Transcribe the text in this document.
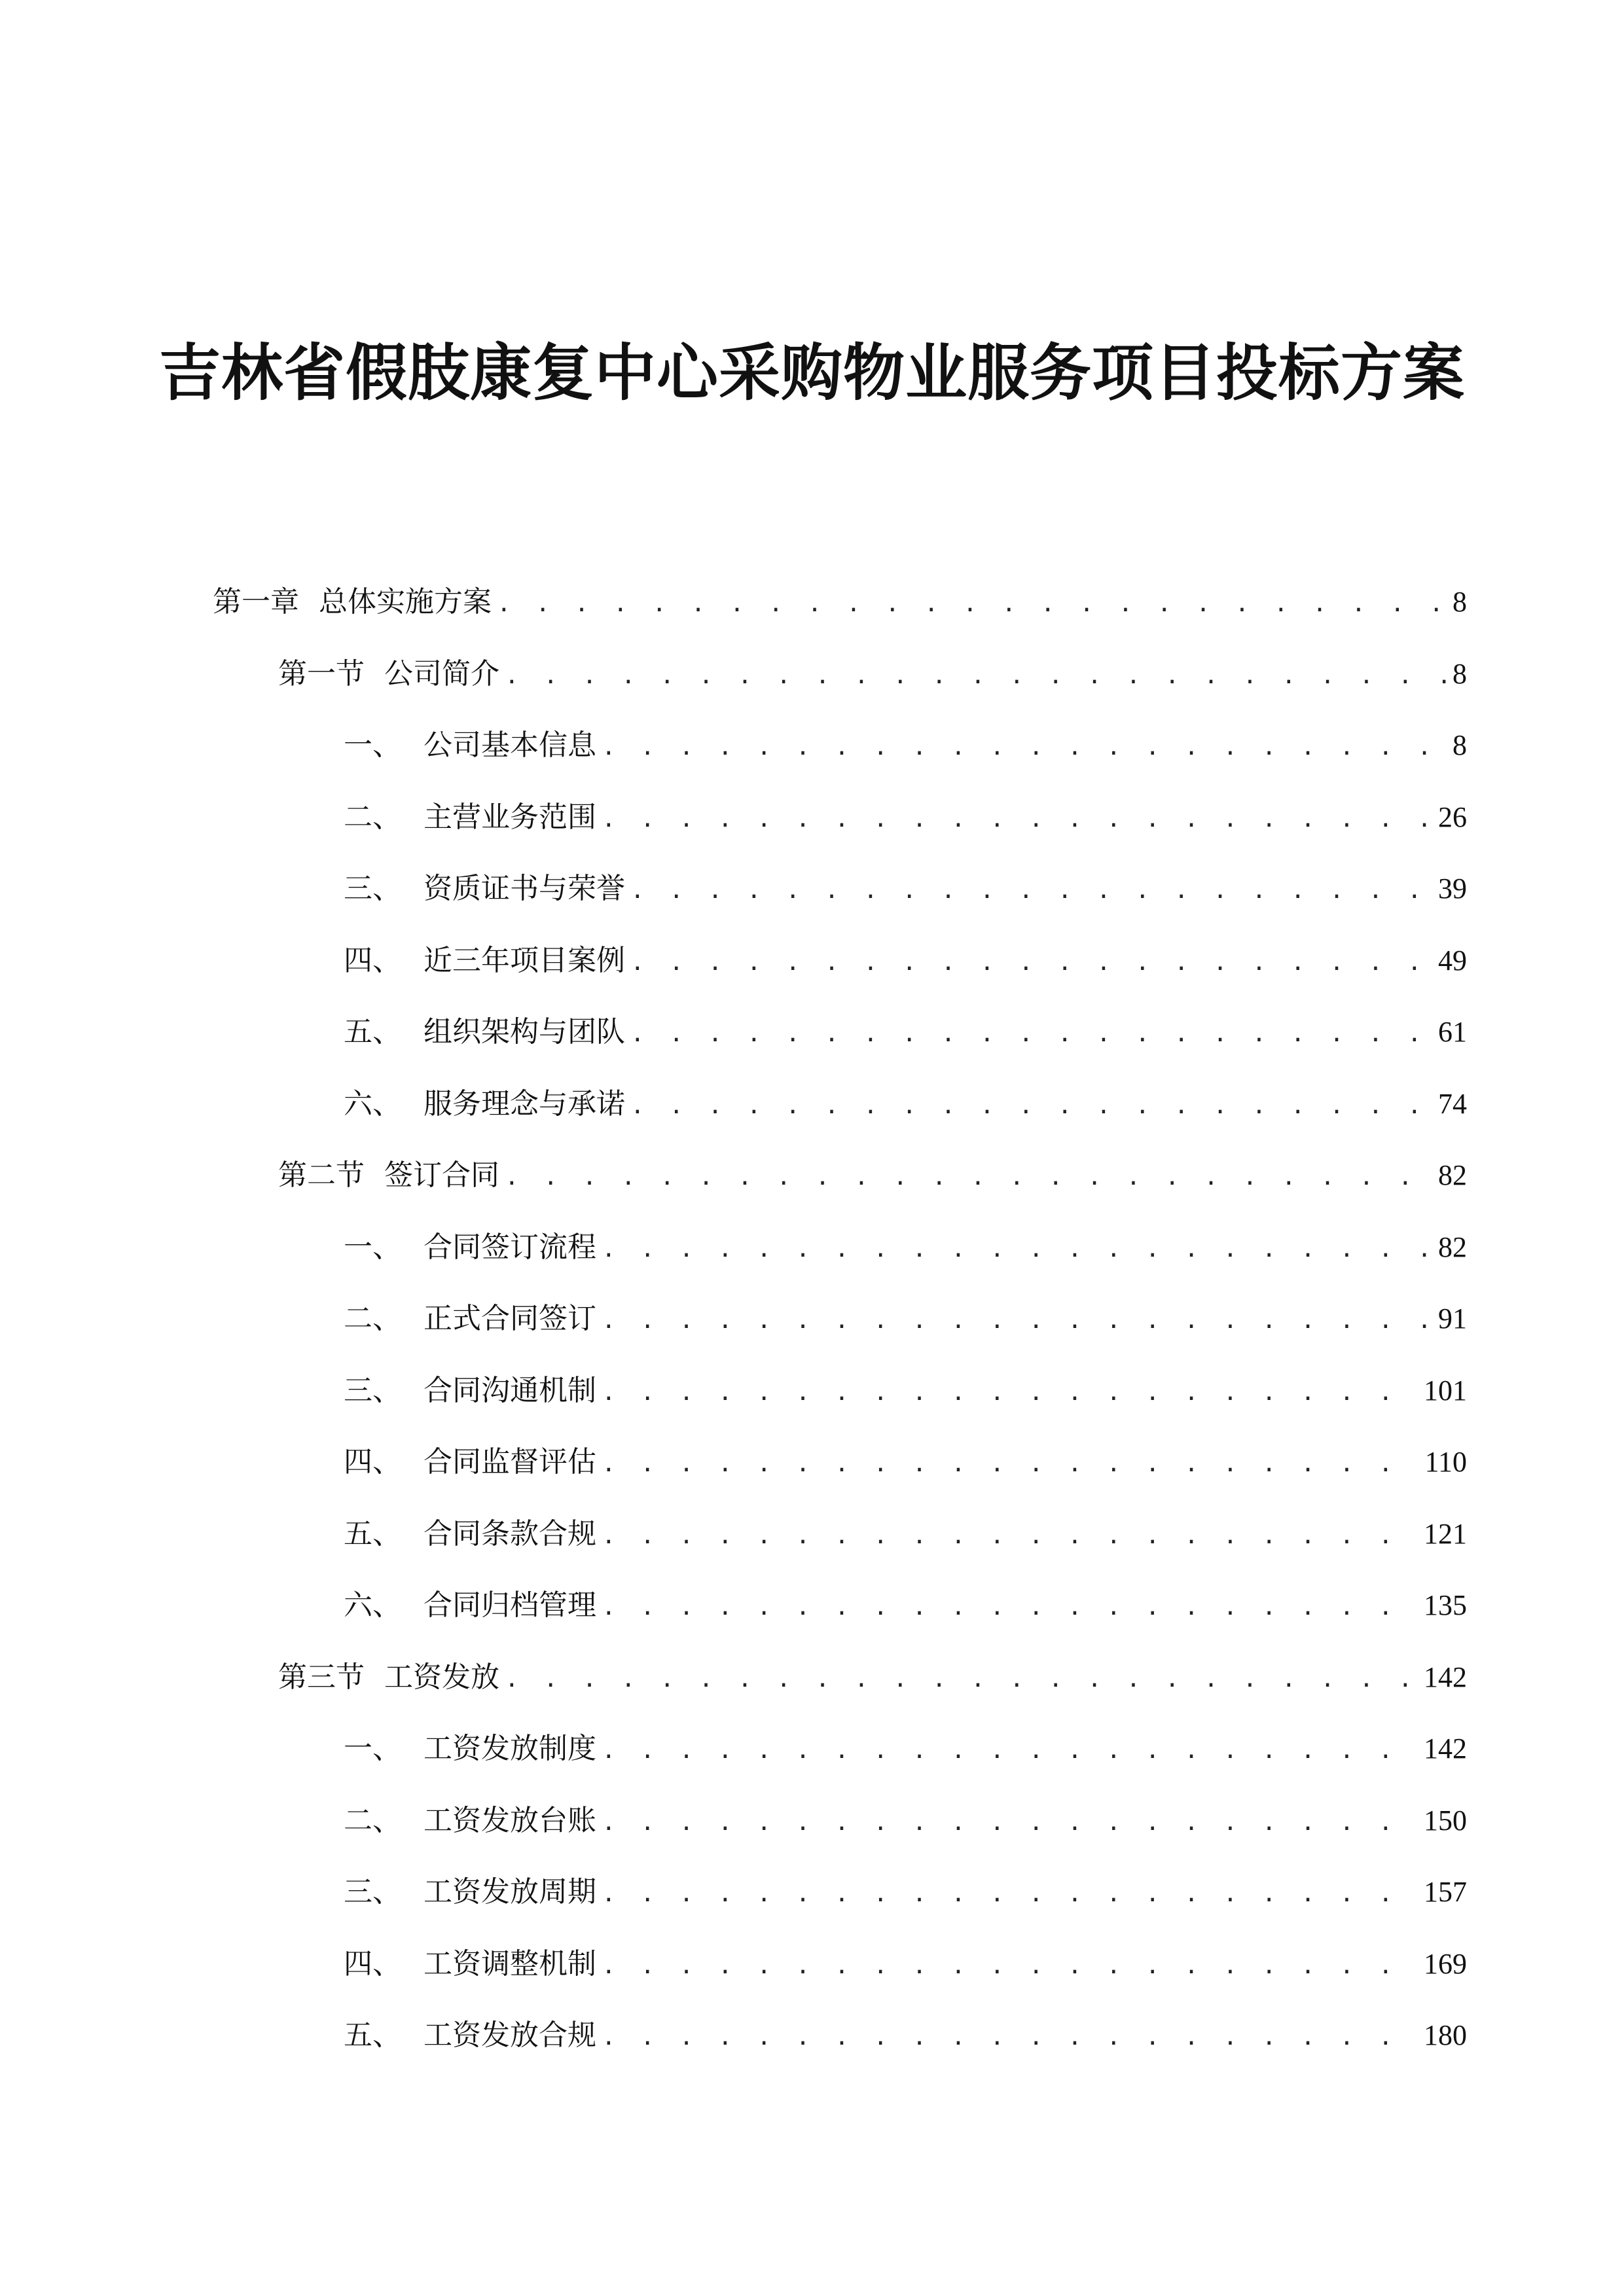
吉林省假肢康复中心采购物业服务项目投标方案
第一章 总体实施方案 . . .	8
第一节 公司简介 . . .	8
一、 公司基本信息 . . .	8
二、 主营业务范围 . . .	26
三、 资质证书与荣誉 . . .	39
四、 近三年项目案例 . . .	49
五、 组织架构与团队 . . .	61
六、 服务理念与承诺 . . .	74
第二节 签订合同 . . .	82
一、 合同签订流程 . . .	82
二、 正式合同签订 . . .	91
三、 合同沟通机制 . . .	101
四、 合同监督评估 . . .	110
五、 合同条款合规 . . .	121
六、 合同归档管理 . . .	135
第三节 工资发放 . . .	142
一、 工资发放制度 . . .	142
二、 工资发放台账 . . .	150
三、 工资发放周期 . . .	157
四、 工资调整机制 . . .	169
五、 工资发放合规 . . .	180
